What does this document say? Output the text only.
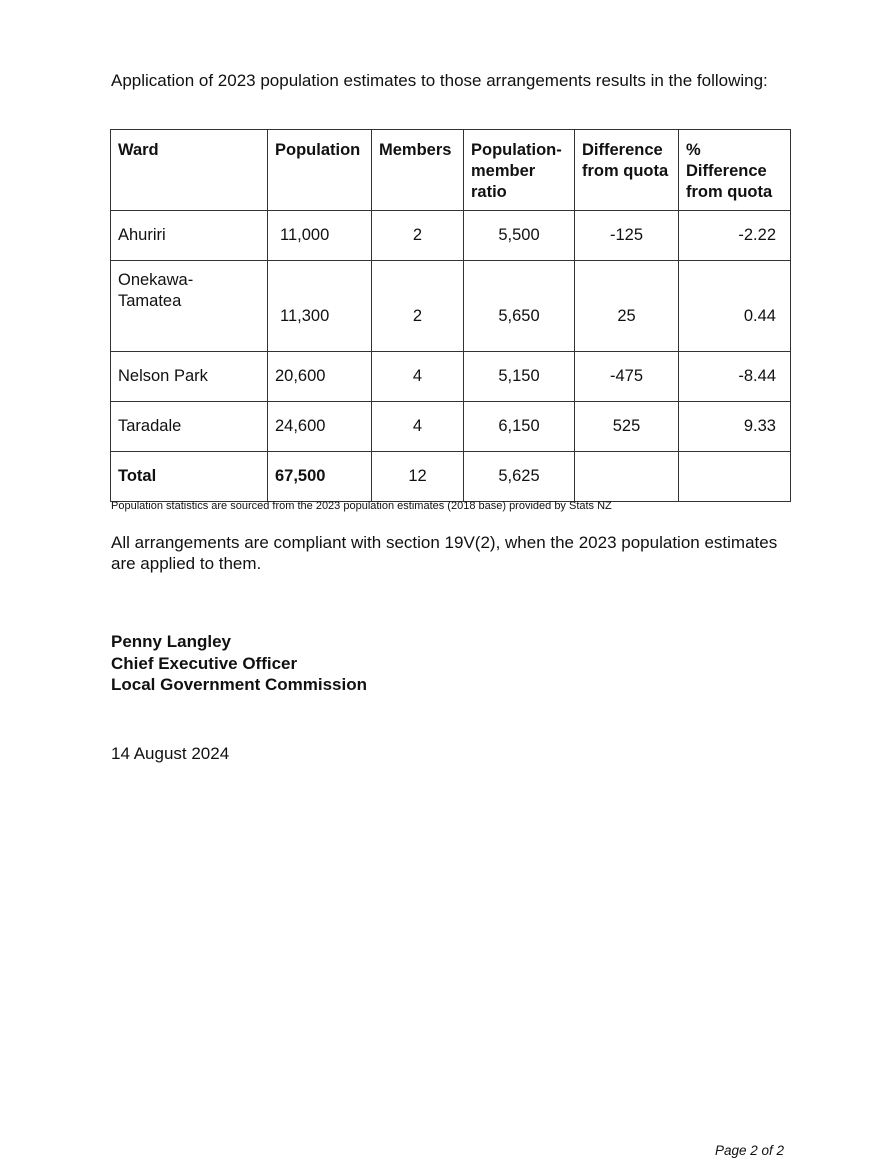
Application of 2023 population estimates to those arrangements results in the following:

Ward	Population	Members	Population-member ratio	Difference from quota	% Difference from quota
Ahuriri	11,000	2	5,500	-125	-2.22

Onekawa-Tamatea	11,300	2	5,650	25	0.44
Nelson Park	20,600	4	5,150	-475	-8.44
Taradale	24,600	4	6,150	525	9.33
Total	67,500	12	5,625		
Population statistics are sourced from the 2023 population estimates (2018 base) provided by Stats NZ

All arrangements are compliant with section 19V(2), when the 2023 population estimates are applied to them.

Penny Langley
Chief Executive Officer
Local Government Commission
14 August 2024
Page 2 of 2
